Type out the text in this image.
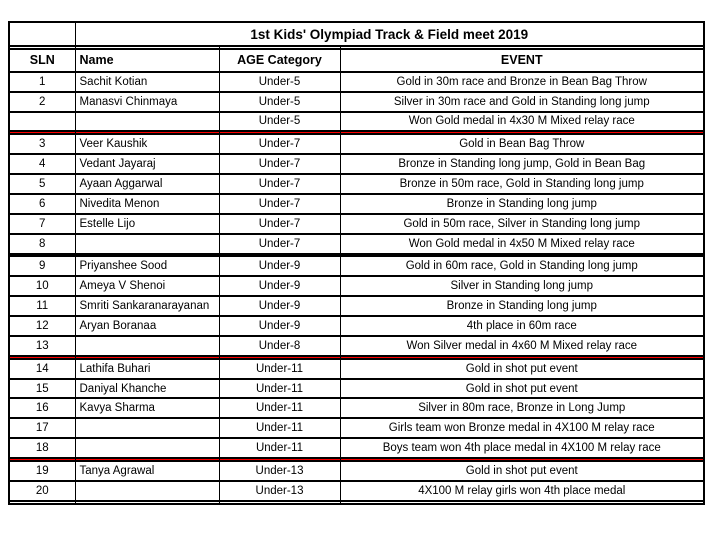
	1st Kids' Olympiad Track & Field meet 2019		

SLN	Name	AGE Category	EVENT
1	Sachit Kotian	Under-5	Gold in 30m race and Bronze in Bean Bag Throw
2	Manasvi Chinmaya	Under-5	Silver in 30m race and Gold in Standing long jump
		Under-5	Won Gold medal in 4x30 M Mixed relay race

3	Veer Kaushik	Under-7	Gold in Bean Bag Throw
4	Vedant Jayaraj	Under-7	Bronze in Standing long jump, Gold in Bean Bag
5	Ayaan Aggarwal	Under-7	Bronze in 50m race, Gold in Standing long jump
6	Nivedita Menon	Under-7	Bronze in Standing long jump
7	Estelle Lijo	Under-7	Gold in 50m race, Silver in Standing long jump
8		Under-7	Won Gold medal in 4x50 M Mixed relay race

9	Priyanshee Sood	Under-9	Gold in 60m race, Gold in Standing long jump
10	Ameya V Shenoi	Under-9	Silver in Standing long jump
11	Smriti Sankaranarayanan	Under-9	Bronze in Standing long jump
12	Aryan Boranaa	Under-9	4th place in 60m race
13		Under-8	Won Silver medal in 4x60 M Mixed relay race

14	Lathifa Buhari	Under-11	Gold in shot put event
15	Daniyal Khanche	Under-11	Gold in shot put event
16	Kavya Sharma	Under-11	Silver in 80m race, Bronze in Long Jump
17		Under-11	Girls team won Bronze medal in 4X100 M relay race
18		Under-11	Boys team won 4th place medal in 4X100 M relay race

19	Tanya Agrawal	Under-13	Gold in shot put event
20		Under-13	4X100 M relay girls won 4th place medal
